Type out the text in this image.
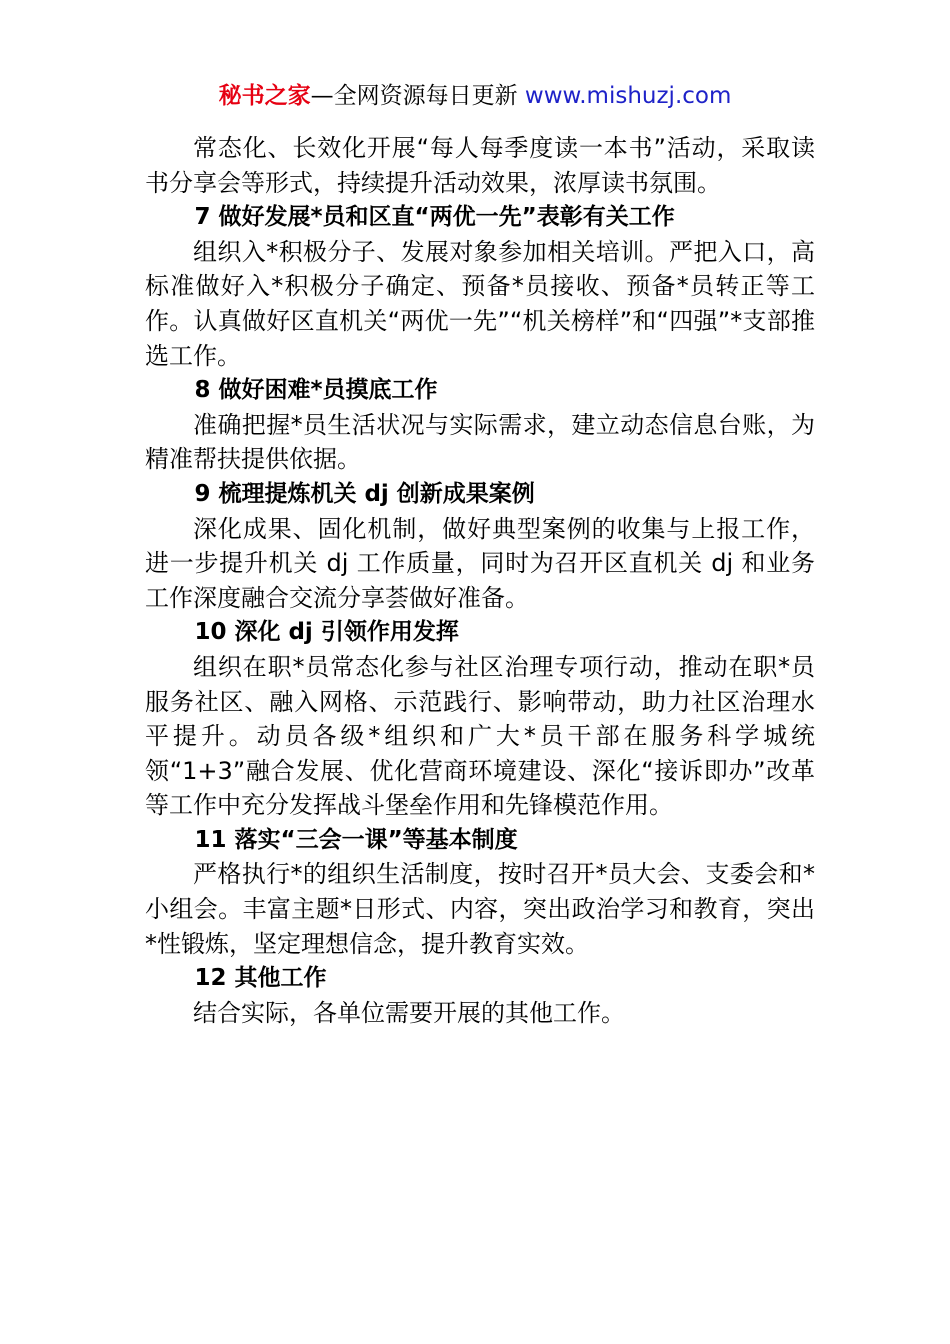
秘书之家—全网资源每日更新 www.mishuzj.com

常态化、长效化开展“每人每季度读一本书”活动，采取读书分享会等形式，持续提升活动效果，浓厚读书氛围。

7 做好发展*员和区直“两优一先”表彰有关工作

组织入*积极分子、发展对象参加相关培训。严把入口，高标准做好入*积极分子确定、预备*员接收、预备*员转正等工作。认真做好区直机关“两优一先”“机关榜样”和“四强”*支部推选工作。

8 做好困难*员摸底工作

准确把握*员生活状况与实际需求，建立动态信息台账，为精准帮扶提供依据。

9 梳理提炼机关 dj 创新成果案例

深化成果、固化机制，做好典型案例的收集与上报工作，进一步提升机关 dj 工作质量，同时为召开区直机关 dj 和业务工作深度融合交流分享荟做好准备。

10 深化 dj 引领作用发挥

组织在职*员常态化参与社区治理专项行动，推动在职*员服务社区、融入网格、示范践行、影响带动，助力社区治理水平提升。动员各级*组织和广大*员干部在服务科学城统领“1+3”融合发展、优化营商环境建设、深化“接诉即办”改革等工作中充分发挥战斗堡垒作用和先锋模范作用。

11 落实“三会一课”等基本制度

严格执行*的组织生活制度，按时召开*员大会、支委会和*小组会。丰富主题*日形式、内容，突出政治学习和教育，突出*性锻炼，坚定理想信念，提升教育实效。

12 其他工作

结合实际，各单位需要开展的其他工作。
